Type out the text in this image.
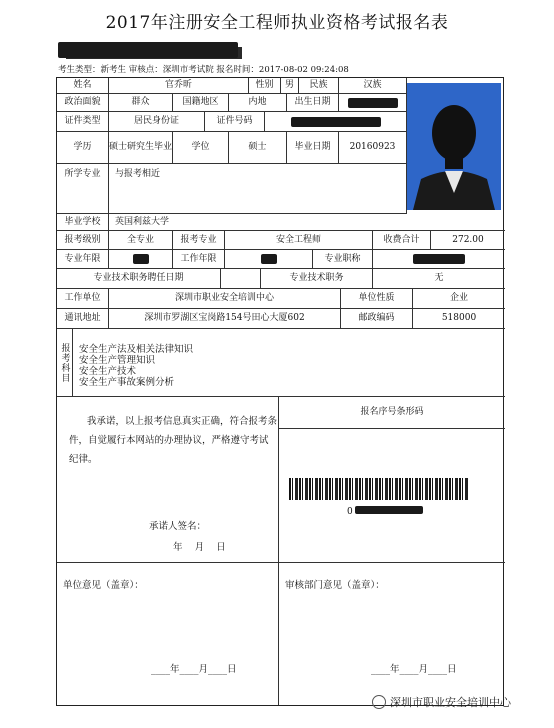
2017年注册安全工程师执业资格考试报名表
考生类型：新考生 审核点：深圳市考试院 报名时间：2017-08-02 09:24:08
姓名	官乔昕	性别	男	民族	汉族
政治面貌	群众	国籍地区	内地	出生日期
证件类型	居民身份证	证件号码
学历	硕士研究生毕业	学位	硕士	毕业日期	20160923
所学专业	与报考相近
毕业学校	英国利兹大学
报考级别	全专业	报考专业	安全工程师	收费合计	272.00
专业年限	工作年限	专业职称
专业技术职务聘任日期	专业技术职务	无
工作单位	深圳市职业安全培训中心	单位性质	企业
通讯地址	深圳市罗湖区宝岗路154号田心大厦602	邮政编码	518000
报考科目	安全生产法及相关法律知识
安全生产管理知识
安全生产技术
安全生产事故案例分析
我承诺，以上报考信息真实正确，符合报考条件，自觉履行本网站的办理协议，严格遵守考试纪律。
承诺人签名：
年    月    日
报名序号条形码
0
单位意见（盖章）：
____年____月____日
审核部门意见（盖章）：
____年____月____日
深圳市职业安全培训中心
